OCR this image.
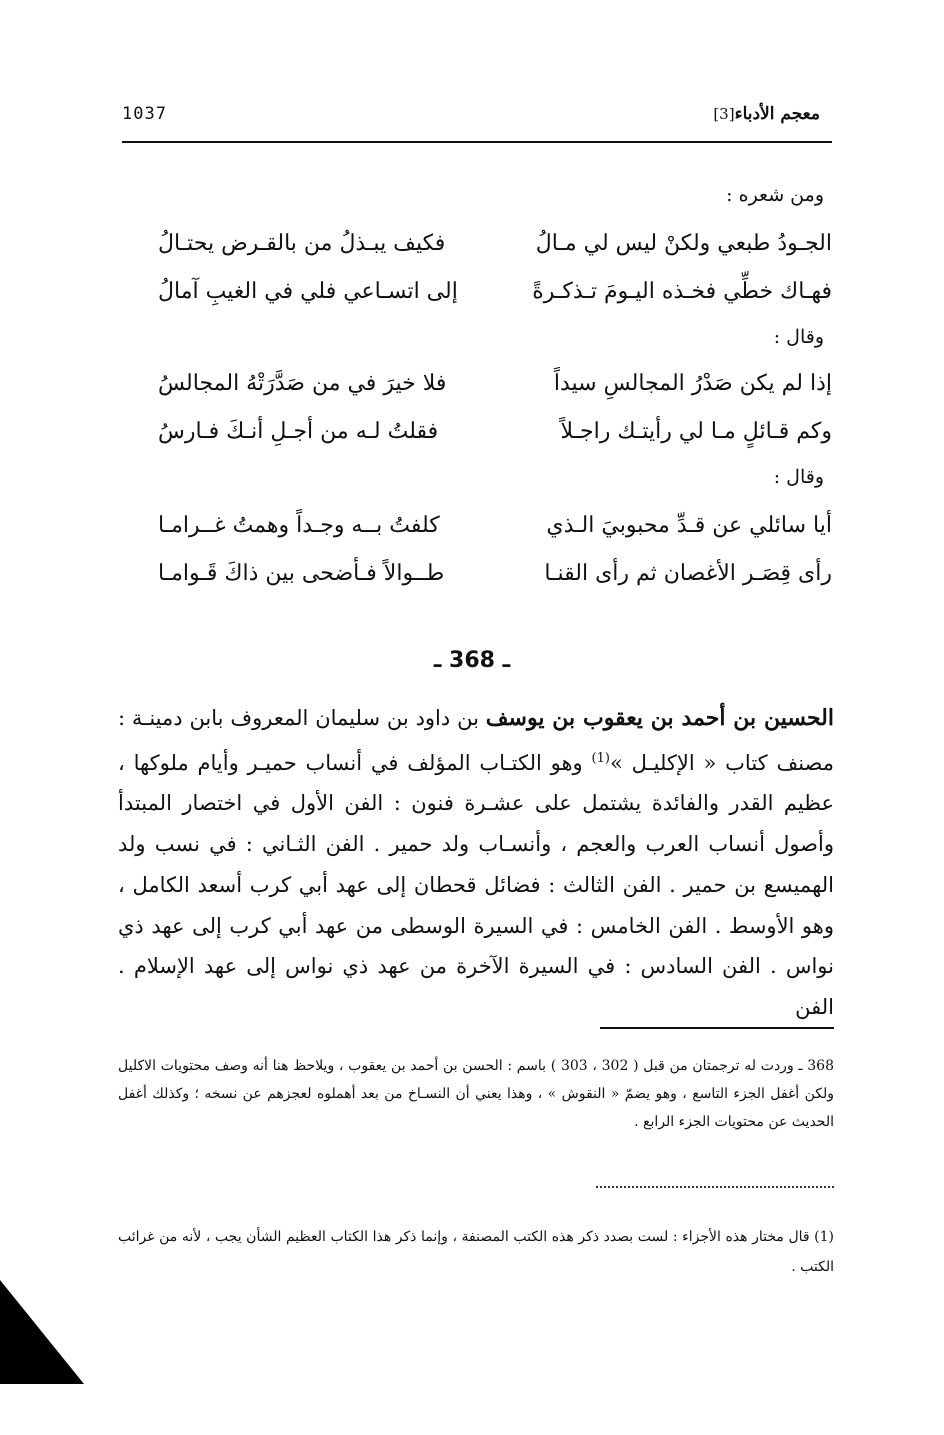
معجم الأدباء[3]
1037
ومن شعره :
الجـودُ طبعي ولكنْ ليس لي مـالُ
فكيف يبـذلُ من بالقـرض يحتـالُ
فهـاك خطِّي فخـذه اليـومَ تـذكـرةً
إلى اتسـاعي فلي في الغيبِ آمالُ
وقال :
إذا لم يكن صَدْرُ المجالسِ سيداً
فلا خيرَ في من صَدَّرَتْهُ المجالسُ
وكم قـائلٍ مـا لي رأيتـك راجـلاً
فقلتُ لـه من أجـلِ أنـكَ فـارسُ
وقال :
أيا سائلي عن قـدِّ محبوبيَ الـذي
كلفتُ بــه وجـداً وهمتُ غــرامـا
رأى قِصَـر الأغصان ثم رأى القنـا
طــوالاً فـأضحى بين ذاكَ قَـوامـا
ـ 368 ـ
الحسين بن أحمد بن يعقوب بن يوسف بن داود بن سليمان المعروف بابن دمينـة : مصنف كتاب « الإكليـل »$^{(1)}$ وهو الكتـاب المؤلف في أنساب حميـر وأيام ملوكها ، عظيم القدر والفائدة يشتمل على عشـرة فنون : الفن الأول في اختصار المبتدأ وأصول أنساب العرب والعجم ، وأنسـاب ولد حمير . الفن الثـاني : في نسب ولد الهميسع بن حمير . الفن الثالث : فضائل قحطان إلى عهد أبي كرب أسعد الكامل ، وهو الأوسط . الفن الخامس : في السيرة الوسطى من عهد أبي كرب إلى عهد ذي نواس . الفن السادس : في السيرة الآخرة من عهد ذي نواس إلى عهد الإسلام . الفن
368 ـ وردت له ترجمتان من قبل ( 302 ، 303 ) باسم : الحسن بن أحمد بن يعقوب ، ويلاحظ هنا أنه وصف محتويات الاكليل ولكن أغفل الجزء التاسع ، وهو يضمّ « النقوش » ، وهذا يعني أن النسـاخ من بعد أهملوه لعجزهم عن نسخه ؛ وكذلك أغفل الحديث عن محتويات الجزء الرابع .
(1) قال مختار هذه الأجزاء : لست بصدد ذكر هذه الكتب المصنفة ، وإنما ذكر هذا الكتاب العظيم الشأن يجب ، لأنه من غرائب الكتب .
